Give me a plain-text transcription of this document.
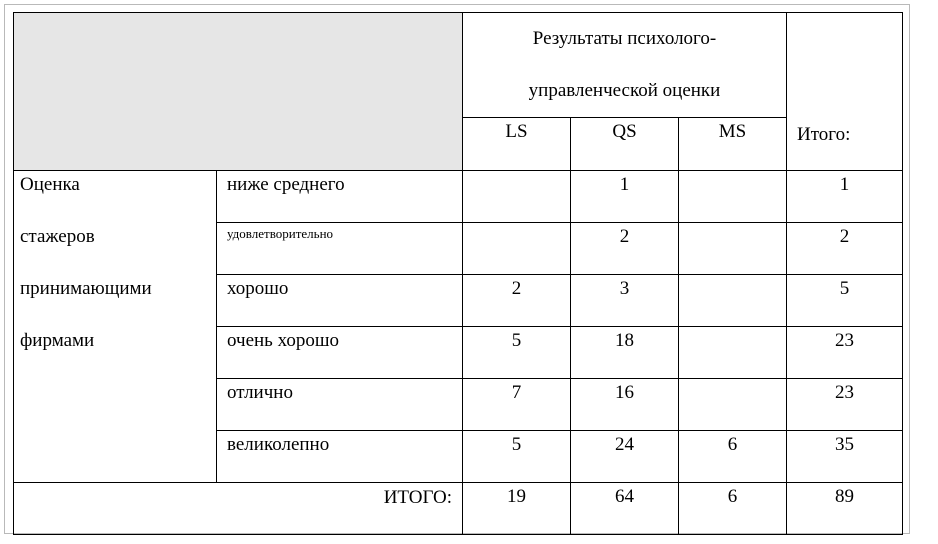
		Результаты психолого-
управленческой оценки			Итого:
		LS	QS	MS	

Оценка
стажеров
принимающими
фирмами	ниже среднего		1		1
	удовлетворительно		2		2
	хорошо	2	3		5
	очень хорошо	5	18		23
	отлично	7	16		23
	великолепно	5	24	6	35
ИТОГО:		19	64	6	89
